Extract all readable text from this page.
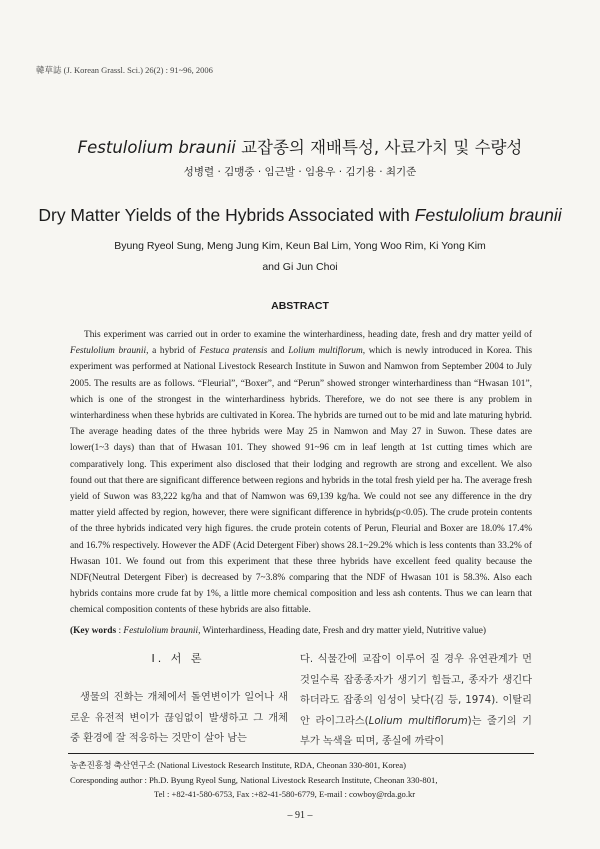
韓草誌 (J. Korean Grassl. Sci.) 26(2) : 91~96, 2006
Festulolium braunii 교잡종의 재배특성, 사료가치 및 수량성
성병렬 · 김맹중 · 임근발 · 임용우 · 김기용 · 최기준
Dry Matter Yields of the Hybrids Associated with Festulolium braunii
Byung Ryeol Sung, Meng Jung Kim, Keun Bal Lim, Yong Woo Rim, Ki Yong Kim
and Gi Jun Choi
ABSTRACT
This experiment was carried out in order to examine the winterhardiness, heading date, fresh and dry matter yeild of Festulolium braunii, a hybrid of Festuca pratensis and Lolium multiflorum, which is newly introduced in Korea. This experiment was performed at National Livestock Research Institute in Suwon and Namwon from September 2004 to July 2005. The results are as follows. “Fleurial”, “Boxer”, and “Perun” showed stronger winterhardiness than “Hwasan 101”, which is one of the strongest in the winterhardiness hybrids. Therefore, we do not see there is any problem in winterhardiness when these hybrids are cultivated in Korea. The hybrids are turned out to be mid and late maturing hybrid. The average heading dates of the three hybrids were May 25 in Namwon and May 27 in Suwon. These dates are lower(1~3 days) than that of Hwasan 101. They showed 91~96 cm in leaf length at 1st cutting times which are comparatively long. This experiment also disclosed that their lodging and regrowth are strong and excellent. We also found out that there are significant difference between regions and hybrids in the total fresh yield per ha. The average fresh yield of Suwon was 83,222 kg/ha and that of Namwon was 69,139 kg/ha. We could not see any difference in the dry matter yield affected by region, however, there were significant difference in hybrids(p<0.05). The crude protein contents of the three hybrids indicated very high figures. the crude protein cotents of Perun, Fleurial and Boxer are 18.0% 17.4% and 16.7% respectively. However the ADF (Acid Detergent Fiber) shows 28.1~29.2% which is less contents than 33.2% of Hwasan 101. We found out from this experiment that these three hybrids have excellent feed quality because the NDF(Neutral Detergent Fiber) is decreased by 7~3.8% comparing that the NDF of Hwasan 101 is 58.3%. Also each hybrids contains more crude fat by 1%, a little more chemical composition and less ash contents. Thus we can learn that chemical composition contents of these hybrids are also fittable.
(Key words : Festulolium braunii, Winterhardiness, Heading date, Fresh and dry matter yield, Nutritive value)
Ⅰ. 서 론
생물의 진화는 개체에서 돌연변이가 일어나 새로운 유전적 변이가 끊임없이 발생하고 그 개체 중 환경에 잘 적응하는 것만이 살아 남는
다. 식물간에 교잡이 이루어 질 경우 유연관계가 먼 것일수록 잡종종자가 생기기 힘들고, 종자가 생긴다 하더라도 잡종의 임성이 낮다(김 등, 1974). 이탈리안 라이그라스(Lolium multiflorum)는 줄기의 기부가 녹색을 띠며, 종실에 까락이
농촌진흥청 축산연구소 (National Livestock Research Institute, RDA, Cheonan 330-801, Korea)
Coresponding author : Ph.D. Byung Ryeol Sung, National Livestock Research Institute, Cheonan 330-801,
Tel : +82-41-580-6753, Fax :+82-41-580-6779, E-mail : cowboy@rda.go.kr
– 91 –
